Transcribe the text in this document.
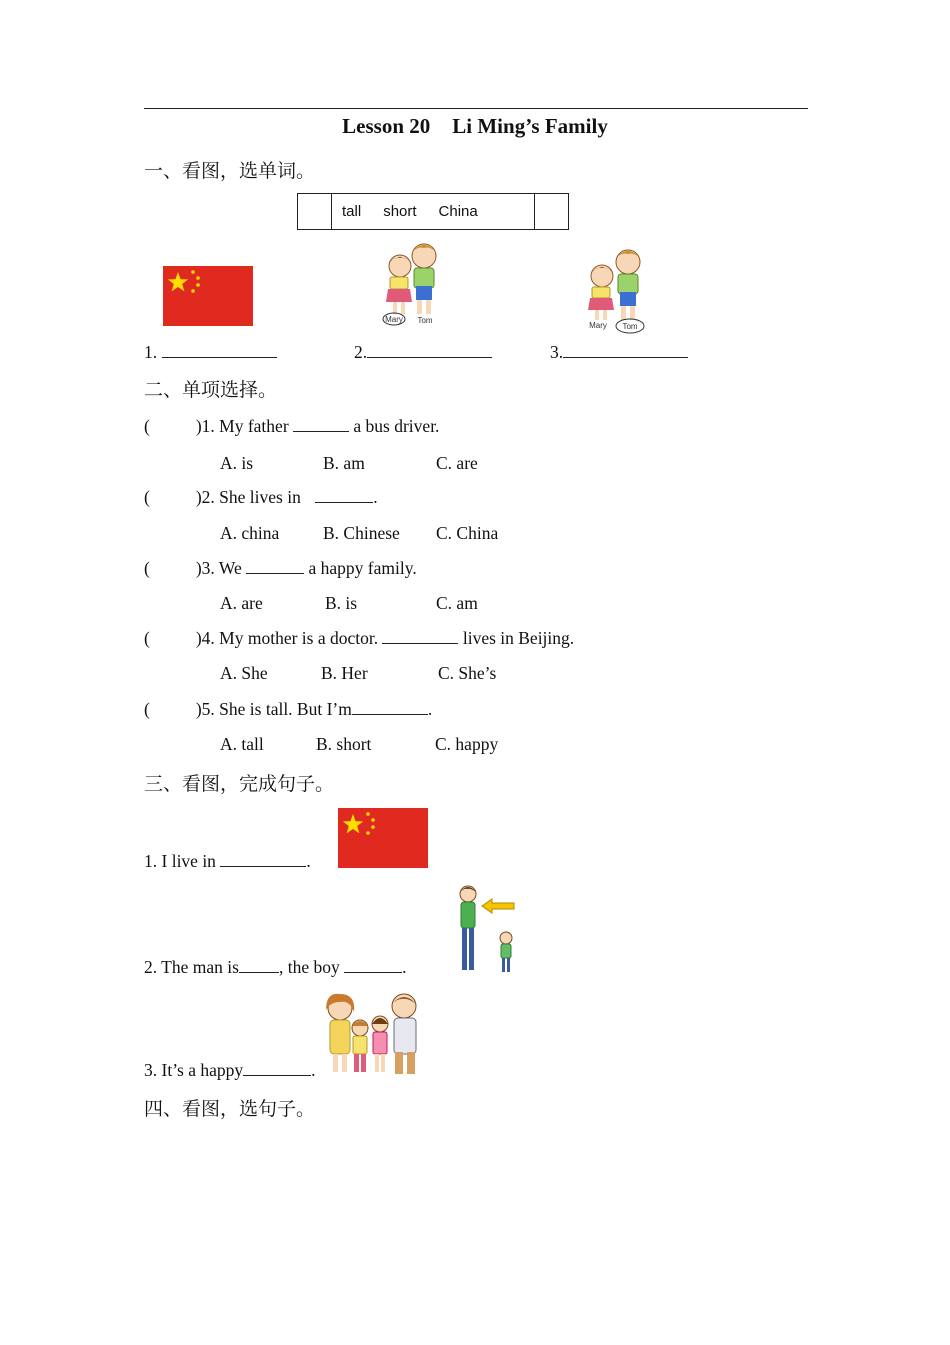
Lesson 20 Li Ming’s Family
一、看图，选单词。
tall short China
Mary Tom
Mary Tom
1.	2.	3.
二、单项选择。
(	)1. My father	a bus driver.
A. is	B. am	C. are
(	)2. She lives in	.
A. china B. Chinese C. China
(	)3. We	a happy family.
A. are	B. is	C. am
(	)4. My mother is a doctor.	lives in Beijing.
A. She	B. Her	C. She’s
(	)5. She is tall. But I’m	.
A. tall	B. short	C. happy
三、看图，完成句子。
1. I live in	.
2. The man is , the boy	.
3. It’s a happy	.
四、看图，选句子。
